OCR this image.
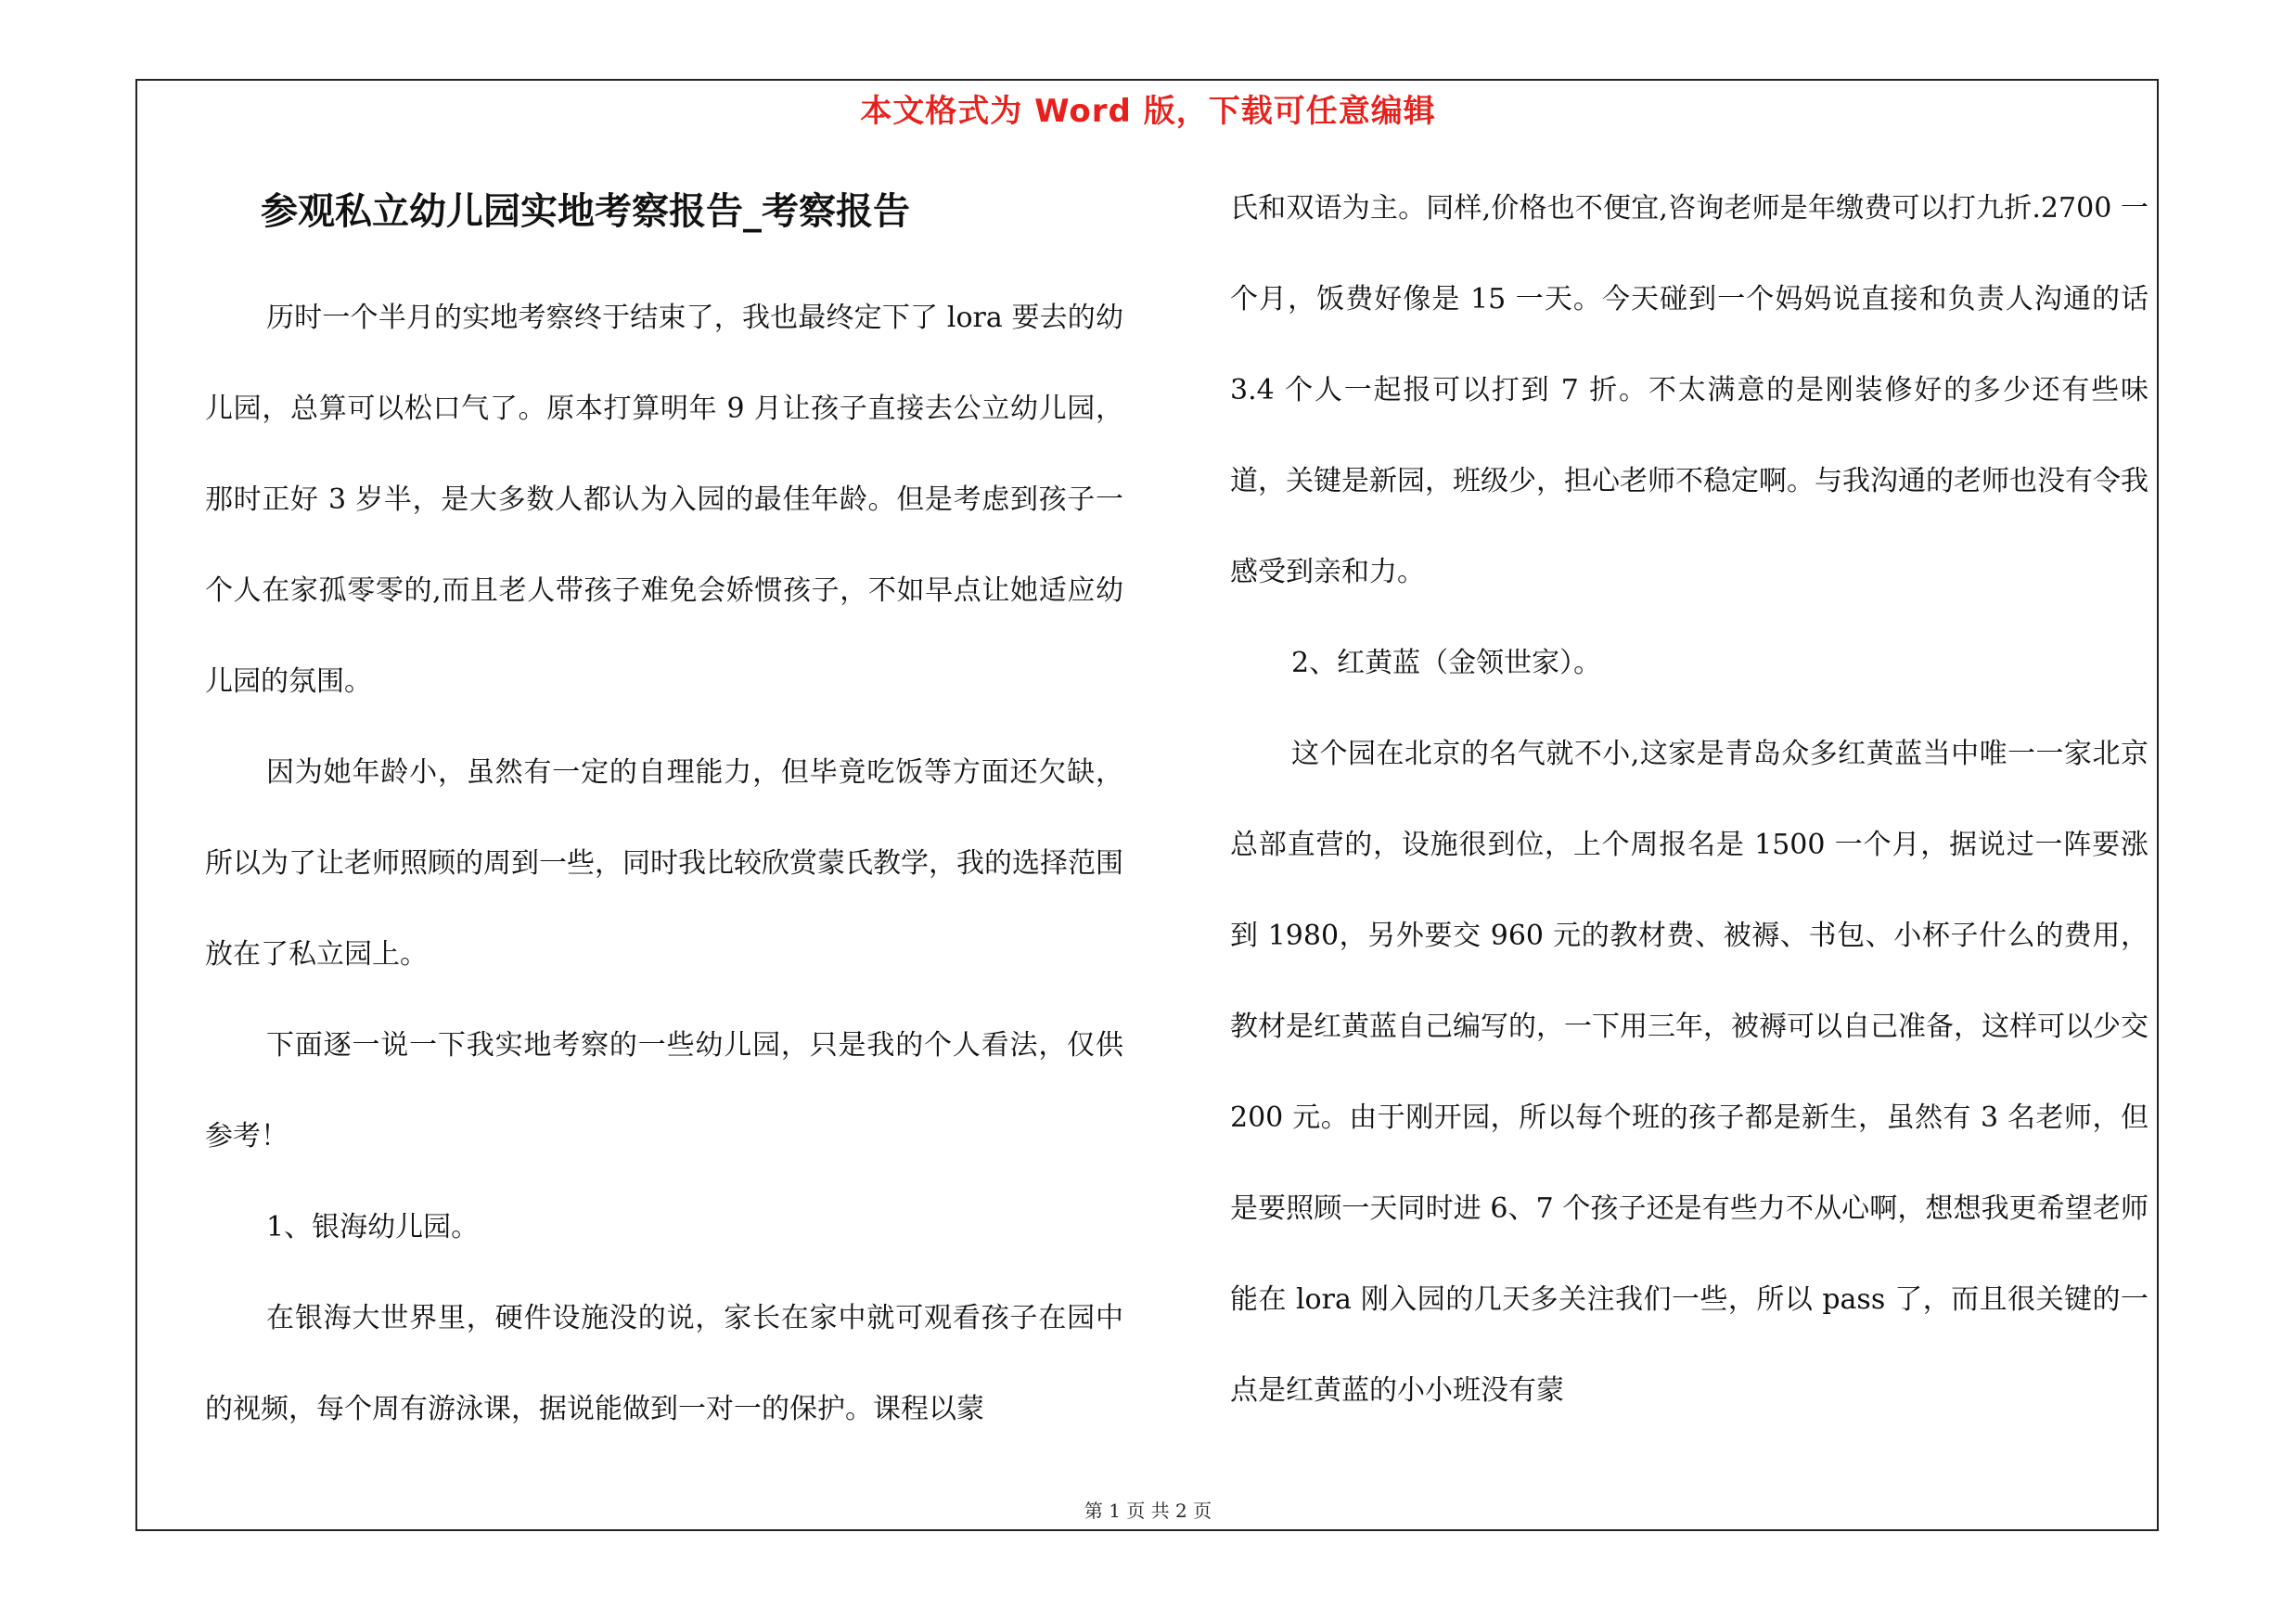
本文格式为 Word 版，下载可任意编辑
参观私立幼儿园实地考察报告_考察报告

历时一个半月的实地考察终于结束了，我也最终定下了 lora 要去的幼儿园，总算可以松口气了。原本打算明年 9 月让孩子直接去公立幼儿园，那时正好 3 岁半，是大多数人都认为入园的最佳年龄。但是考虑到孩子一个人在家孤零零的,而且老人带孩子难免会娇惯孩子，不如早点让她适应幼儿园的氛围。

因为她年龄小，虽然有一定的自理能力，但毕竟吃饭等方面还欠缺，所以为了让老师照顾的周到一些，同时我比较欣赏蒙氏教学，我的选择范围放在了私立园上。

下面逐一说一下我实地考察的一些幼儿园，只是我的个人看法，仅供参考！

1、银海幼儿园。

在银海大世界里，硬件设施没的说，家长在家中就可观看孩子在园中的视频，每个周有游泳课，据说能做到一对一的保护。课程以蒙

氏和双语为主。同样,价格也不便宜,咨询老师是年缴费可以打九折.2700 一个月，饭费好像是 15 一天。今天碰到一个妈妈说直接和负责人沟通的话 3.4 个人一起报可以打到 7 折。不太满意的是刚装修好的多少还有些味道，关键是新园，班级少，担心老师不稳定啊。与我沟通的老师也没有令我感受到亲和力。

2、红黄蓝（金领世家）。

这个园在北京的名气就不小,这家是青岛众多红黄蓝当中唯一一家北京总部直营的，设施很到位，上个周报名是 1500 一个月，据说过一阵要涨到 1980，另外要交 960 元的教材费、被褥、书包、小杯子什么的费用，教材是红黄蓝自己编写的，一下用三年，被褥可以自己准备，这样可以少交 200 元。由于刚开园，所以每个班的孩子都是新生，虽然有 3 名老师，但是要照顾一天同时进 6、7 个孩子还是有些力不从心啊，想想我更希望老师能在 lora 刚入园的几天多关注我们一些，所以 pass 了，而且很关键的一点是红黄蓝的小小班没有蒙

第 1 页 共 2 页
